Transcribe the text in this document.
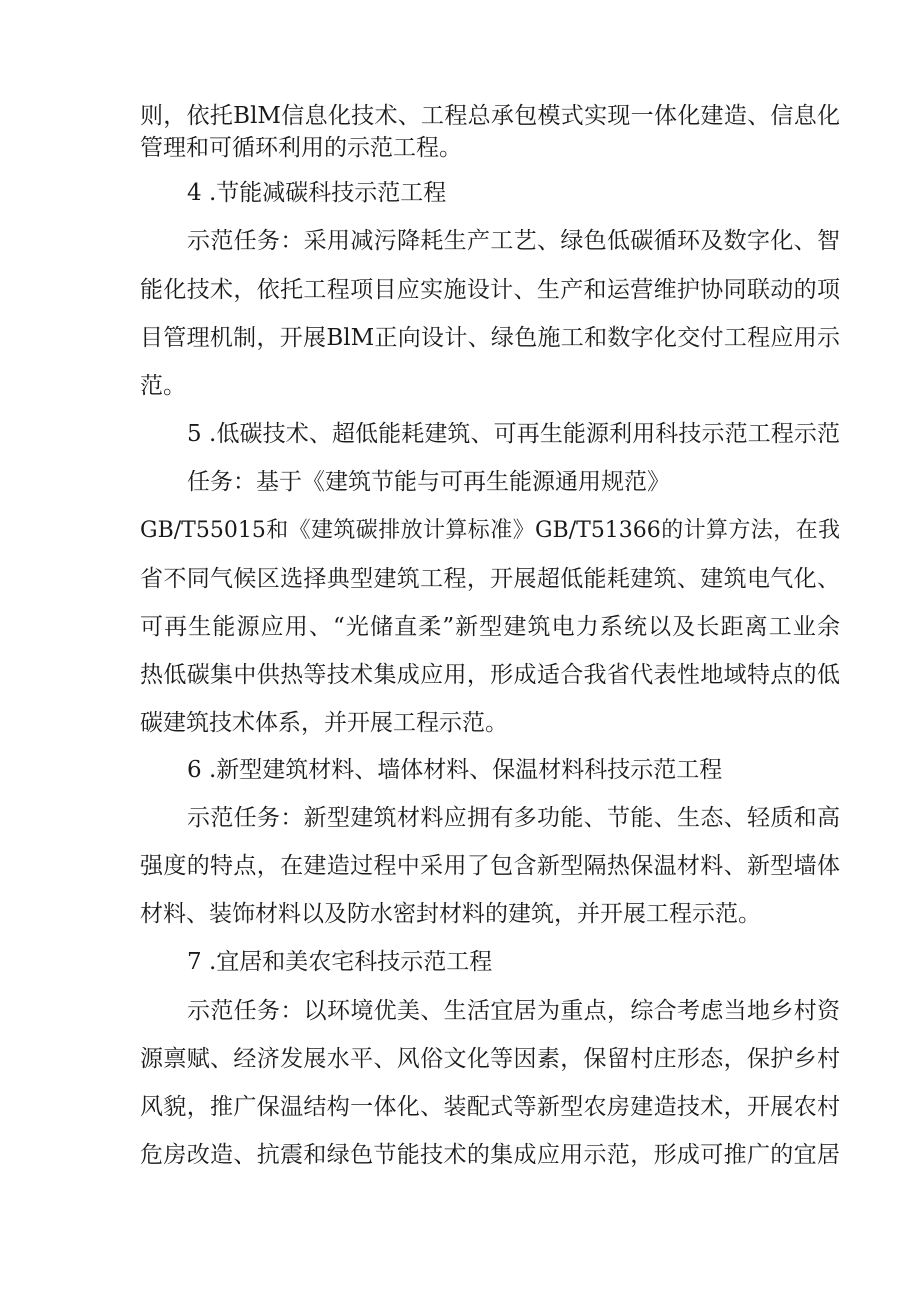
则，依托BlM信息化技术、工程总承包模式实现一体化建造、信息化
管理和可循环利用的示范工程。
4 .节能减碳科技示范工程
示范任务：采用减污降耗生产工艺、绿色低碳循环及数字化、智
能化技术，依托工程项目应实施设计、生产和运营维护协同联动的项
目管理机制，开展BlM正向设计、绿色施工和数字化交付工程应用示
范。
5 .低碳技术、超低能耗建筑、可再生能源利用科技示范工程示范
任务：基于《建筑节能与可再生能源通用规范》
GB/T55015和《建筑碳排放计算标准》GB/T51366的计算方法，在我
省不同气候区选择典型建筑工程，开展超低能耗建筑、建筑电气化、
可再生能源应用、“光储直柔”新型建筑电力系统以及长距离工业余
热低碳集中供热等技术集成应用，形成适合我省代表性地域特点的低
碳建筑技术体系，并开展工程示范。
6 .新型建筑材料、墙体材料、保温材料科技示范工程
示范任务：新型建筑材料应拥有多功能、节能、生态、轻质和高
强度的特点，在建造过程中采用了包含新型隔热保温材料、新型墙体
材料、装饰材料以及防水密封材料的建筑，并开展工程示范。
7 .宜居和美农宅科技示范工程
示范任务：以环境优美、生活宜居为重点，综合考虑当地乡村资
源禀赋、经济发展水平、风俗文化等因素，保留村庄形态，保护乡村
风貌，推广保温结构一体化、装配式等新型农房建造技术，开展农村
危房改造、抗震和绿色节能技术的集成应用示范，形成可推广的宜居
